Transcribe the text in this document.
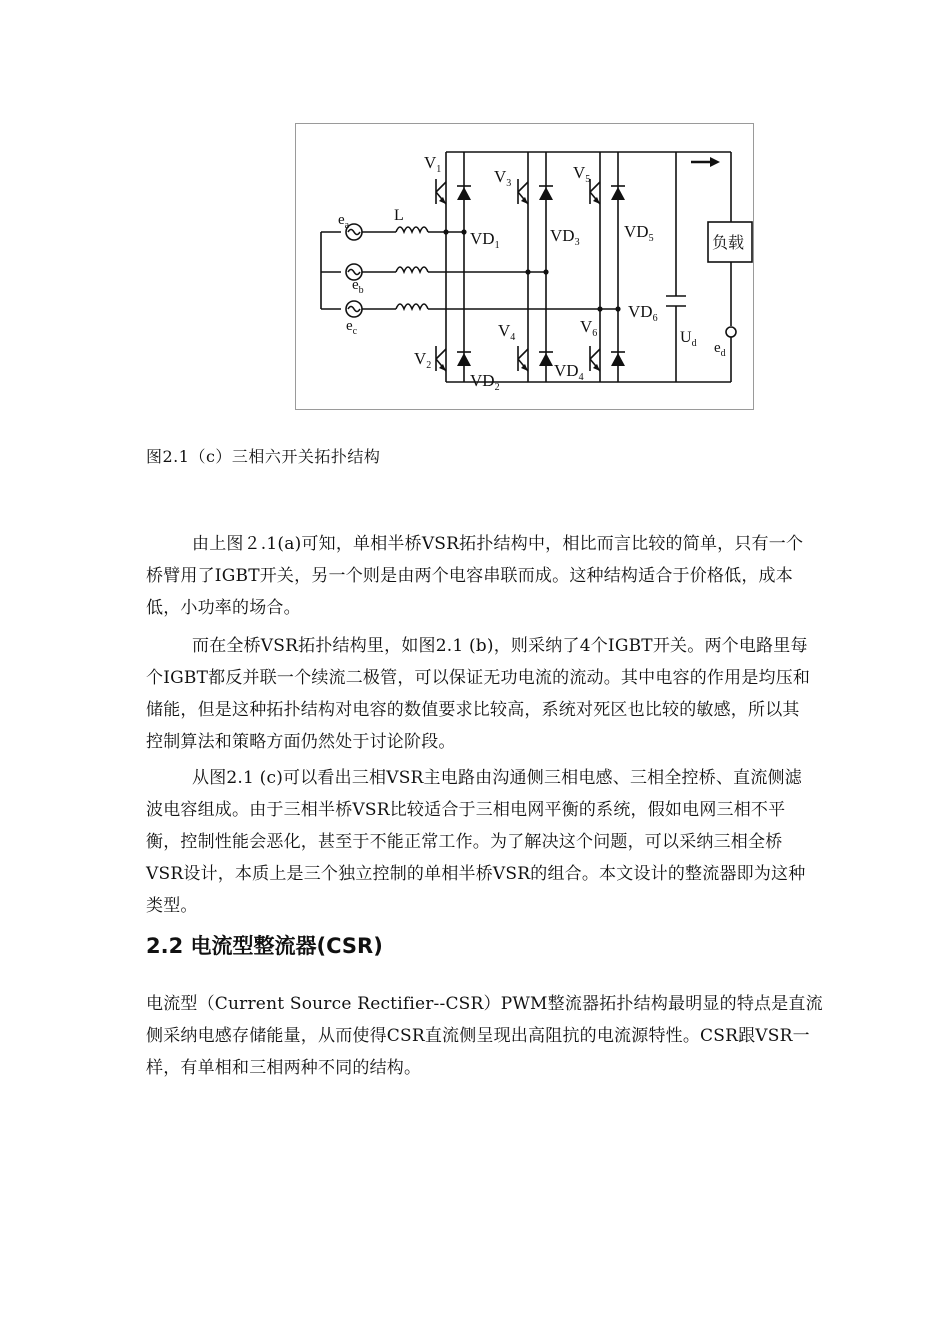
$V_1$	$V_3$
$V_5$
$V_2$
$V_4$
$V_6$
$VD_1$
$VD_3$
$VD_5$
$VD_2$
$VD_4$
$VD_6$
L
$e_a$
$e_b$
$e_c$	$U_d$ $e_d$
负载
图2.1（c）三相六开关拓扑结构

由上图２.1(a)可知，单相半桥VSR拓扑结构中，相比而言比较的简单，只有一个桥臂用了IGBT开关，另一个则是由两个电容串联而成。这种结构适合于价格低，成本低，小功率的场合。

而在全桥VSR拓扑结构里，如图2.1 (b)，则采纳了4个IGBT开关。两个电路里每个IGBT都反并联一个续流二极管，可以保证无功电流的流动。其中电容的作用是均压和储能，但是这种拓扑结构对电容的数值要求比较高，系统对死区也比较的敏感，所以其控制算法和策略方面仍然处于讨论阶段。

从图2.1 (c)可以看出三相VSR主电路由沟通侧三相电感、三相全控桥、直流侧滤波电容组成。由于三相半桥VSR比较适合于三相电网平衡的系统，假如电网三相不平衡，控制性能会恶化，甚至于不能正常工作。为了解决这个问题，可以采纳三相全桥VSR设计，本质上是三个独立控制的单相半桥VSR的组合。本文设计的整流器即为这种类型。

2.2 电流型整流器(CSR)

电流型（Current Source Rectifier--CSR）PWM整流器拓扑结构最明显的特点是直流侧采纳电感存储能量，从而使得CSR直流侧呈现出高阻抗的电流源特性。CSR跟VSR一样，有单相和三相两种不同的结构。
